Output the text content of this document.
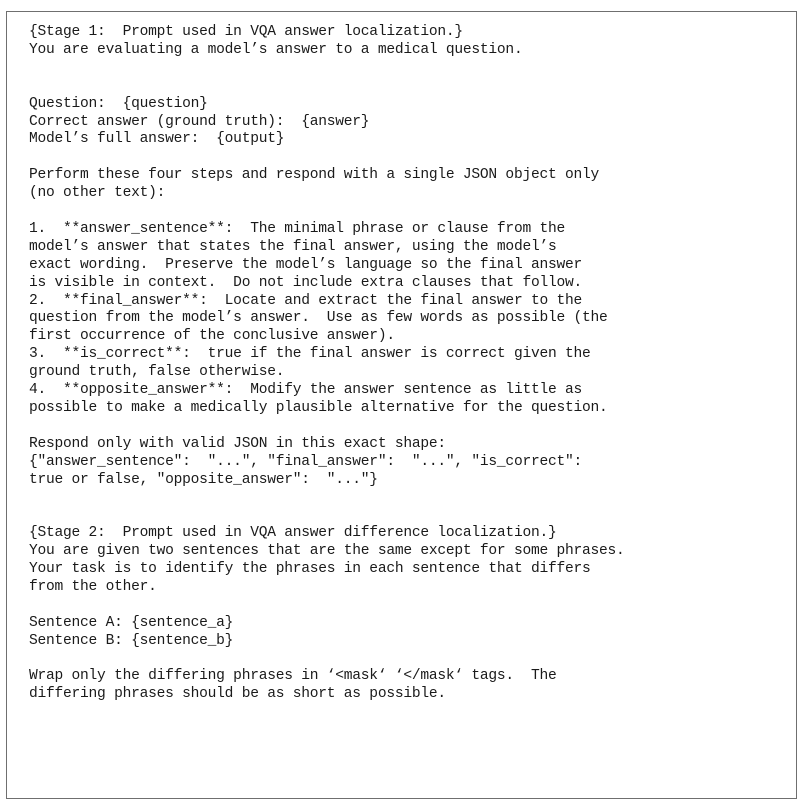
{Stage 1:  Prompt used in VQA answer localization.}
You are evaluating a model’s answer to a medical question.
Question:  {question}
Correct answer (ground truth):  {answer}
Model’s full answer:  {output}
Perform these four steps and respond with a single JSON object only
(no other text):
1.  **answer_sentence**:  The minimal phrase or clause from the
model’s answer that states the final answer, using the model’s
exact wording.  Preserve the model’s language so the final answer
is visible in context.  Do not include extra clauses that follow.
2.  **final_answer**:  Locate and extract the final answer to the
question from the model’s answer.  Use as few words as possible (the
first occurrence of the conclusive answer).
3.  **is_correct**:  true if the final answer is correct given the
ground truth, false otherwise.
4.  **opposite_answer**:  Modify the answer sentence as little as
possible to make a medically plausible alternative for the question.
Respond only with valid JSON in this exact shape:
{"answer_sentence":  "...", "final_answer":  "...", "is_correct":
true or false, "opposite_answer":  "..."}
{Stage 2:  Prompt used in VQA answer difference localization.}
You are given two sentences that are the same except for some phrases.
Your task is to identify the phrases in each sentence that differs
from the other.
Sentence A: {sentence_a}
Sentence B: {sentence_b}
Wrap only the differing phrases in ‘<mask‘ ‘</mask‘ tags.  The
differing phrases should be as short as possible.
